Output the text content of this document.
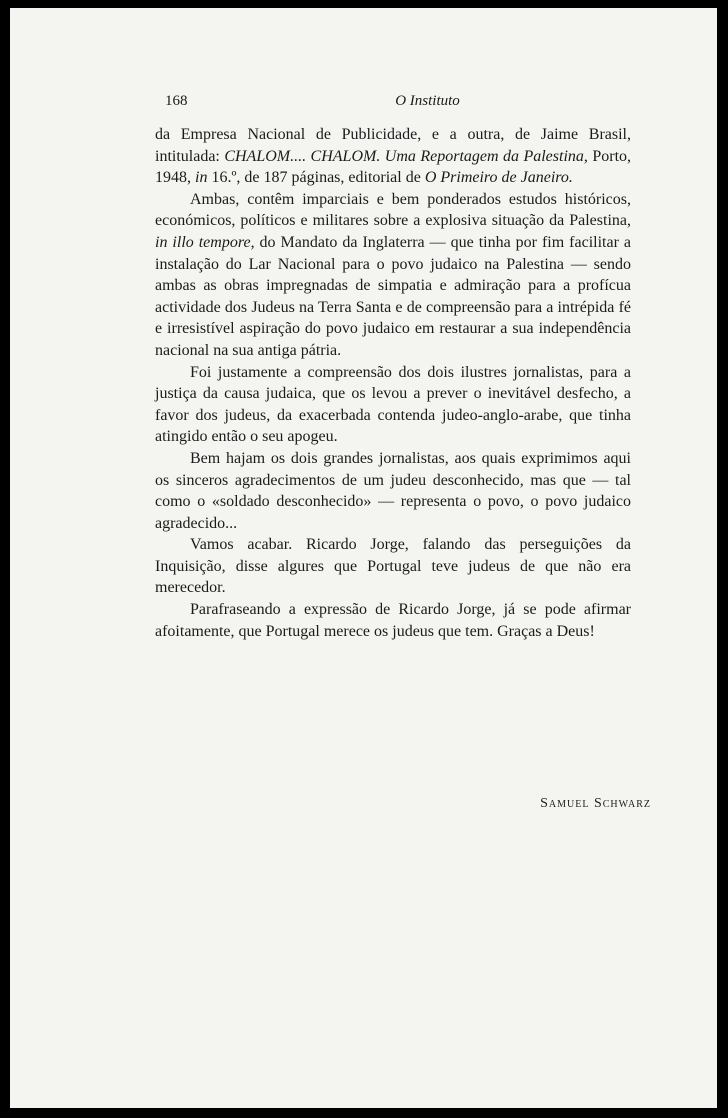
168	O Instituto

da Empresa Nacional de Publicidade, e a outra, de Jaime Brasil, intitulada: CHALOM.... CHALOM. Uma Reportagem da Palestina, Porto, 1948, in 16.º, de 187 páginas, editorial de O Primeiro de Janeiro.

Ambas, contêm imparciais e bem ponderados estudos históricos, económicos, políticos e militares sobre a explosiva situação da Palestina, in illo tempore, do Mandato da Inglaterra — que tinha por fim facilitar a instalação do Lar Nacional para o povo judaico na Palestina — sendo ambas as obras impregnadas de simpatia e admiração para a profícua actividade dos Judeus na Terra Santa e de compreensão para a intrépida fé e irresistível aspiração do povo judaico em restaurar a sua independência nacional na sua antiga pátria.

Foi justamente a compreensão dos dois ilustres jornalistas, para a justiça da causa judaica, que os levou a prever o inevitável desfecho, a favor dos judeus, da exacerbada contenda judeo-anglo-arabe, que tinha atingido então o seu apogeu.

Bem hajam os dois grandes jornalistas, aos quais exprimimos aqui os sinceros agradecimentos de um judeu desconhecido, mas que — tal como o «soldado desconhecido» — representa o povo, o povo judaico agradecido...

Vamos acabar. Ricardo Jorge, falando das perseguições da Inquisição, disse algures que Portugal teve judeus de que não era merecedor.

Parafraseando a expressão de Ricardo Jorge, já se pode afirmar afoitamente, que Portugal merece os judeus que tem. Graças a Deus!

Samuel Schwarz
